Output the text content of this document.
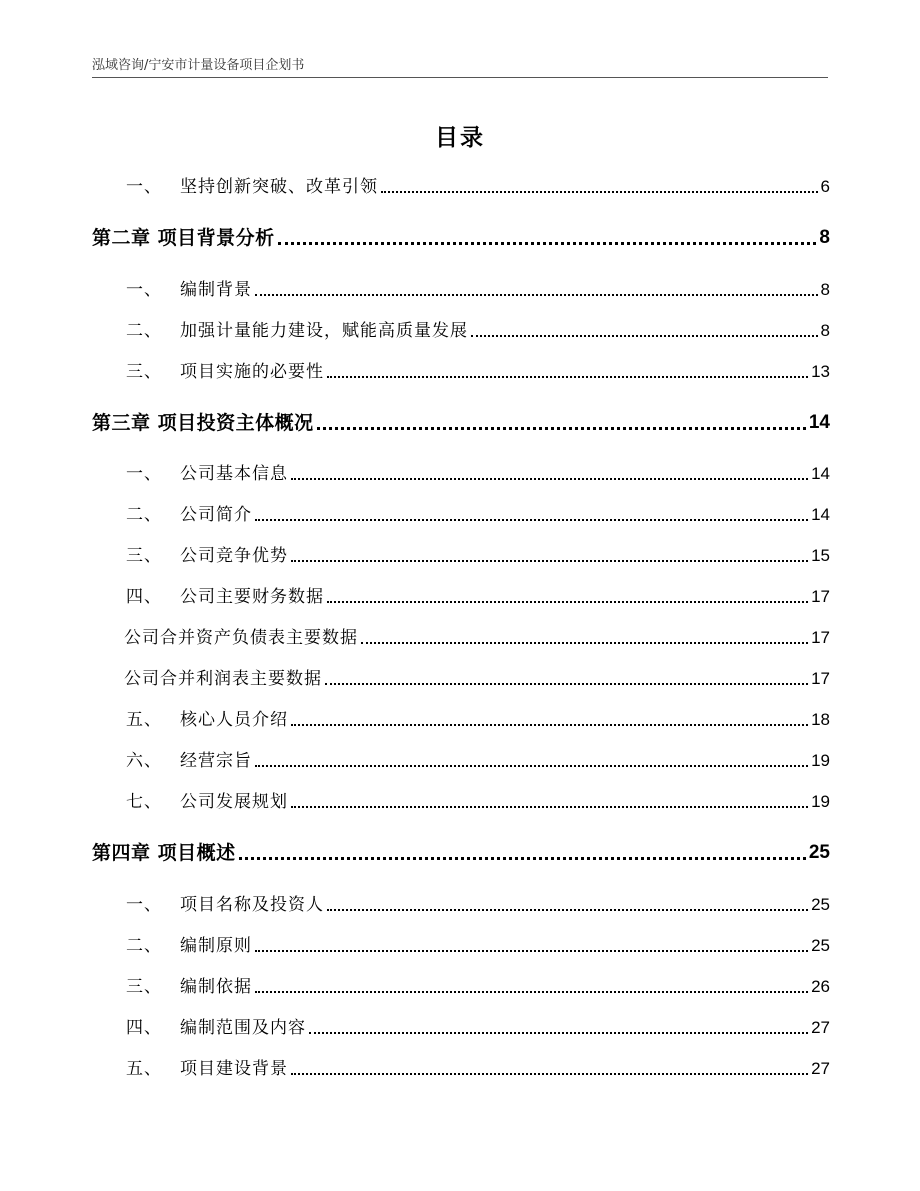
泓域咨询/宁安市计量设备项目企划书
目录
一、 坚持创新突破、改革引领	6
第二章 项目背景分析	8
一、 编制背景	8
二、 加强计量能力建设，赋能高质量发展	8
三、 项目实施的必要性	13
第三章 项目投资主体概况	14
一、 公司基本信息	14
二、 公司简介	14
三、 公司竞争优势	15
四、 公司主要财务数据	17
公司合并资产负债表主要数据	17
公司合并利润表主要数据	17
五、 核心人员介绍	18
六、 经营宗旨	19
七、 公司发展规划	19
第四章 项目概述	25
一、 项目名称及投资人	25
二、 编制原则	25
三、 编制依据	26
四、 编制范围及内容	27
五、 项目建设背景	27
